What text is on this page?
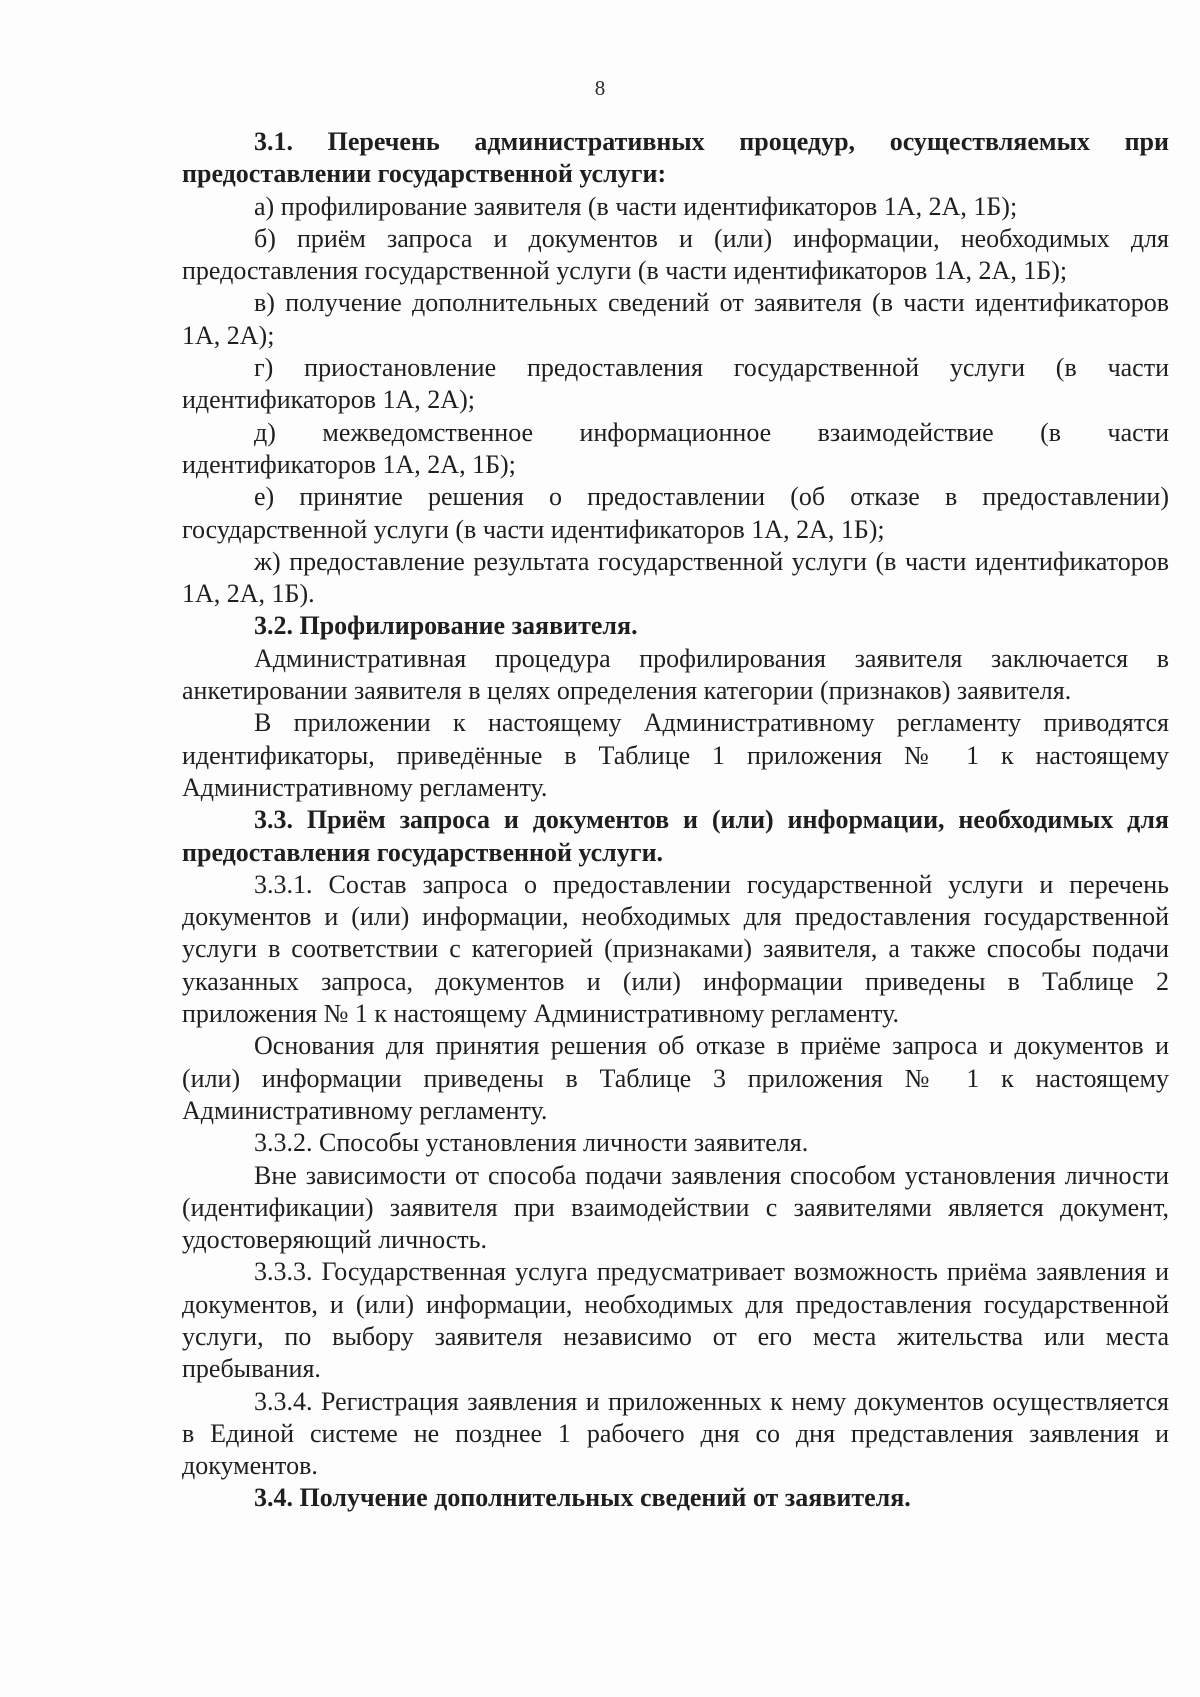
8

3.1. Перечень административных процедур, осуществляемых при предоставлении государственной услуги:

а) профилирование заявителя (в части идентификаторов 1А, 2А, 1Б);

б) приём запроса и документов и (или) информации, необходимых для предоставления государственной услуги (в части идентификаторов 1А, 2А, 1Б);

в) получение дополнительных сведений от заявителя (в части идентификаторов 1А, 2А);

г) приостановление предоставления государственной услуги (в части идентификаторов 1А, 2А);

д) межведомственное информационное взаимодействие (в части идентификаторов 1А, 2А, 1Б);

е) принятие решения о предоставлении (об отказе в предоставлении) государственной услуги (в части идентификаторов 1А, 2А, 1Б);

ж) предоставление результата государственной услуги (в части идентификаторов 1А, 2А, 1Б).

3.2. Профилирование заявителя.

Административная процедура профилирования заявителя заключается в анкетировании заявителя в целях определения категории (признаков) заявителя.

В приложении к настоящему Административному регламенту приводятся идентификаторы, приведённые в Таблице 1 приложения № 1 к настоящему Административному регламенту.

3.3. Приём запроса и документов и (или) информации, необходимых для предоставления государственной услуги.

3.3.1. Состав запроса о предоставлении государственной услуги и перечень документов и (или) информации, необходимых для предоставления государственной услуги в соответствии с категорией (признаками) заявителя, а также способы подачи указанных запроса, документов и (или) информации приведены в Таблице 2 приложения № 1 к настоящему Административному регламенту.

Основания для принятия решения об отказе в приёме запроса и документов и (или) информации приведены в Таблице 3 приложения № 1 к настоящему Административному регламенту.

3.3.2. Способы установления личности заявителя.

Вне зависимости от способа подачи заявления способом установления личности (идентификации) заявителя при взаимодействии с заявителями является документ, удостоверяющий личность.

3.3.3. Государственная услуга предусматривает возможность приёма заявления и документов, и (или) информации, необходимых для предоставления государственной услуги, по выбору заявителя независимо от его места жительства или места пребывания.

3.3.4. Регистрация заявления и приложенных к нему документов осуществляется в Единой системе не позднее 1 рабочего дня со дня представления заявления и документов.

3.4. Получение дополнительных сведений от заявителя.
